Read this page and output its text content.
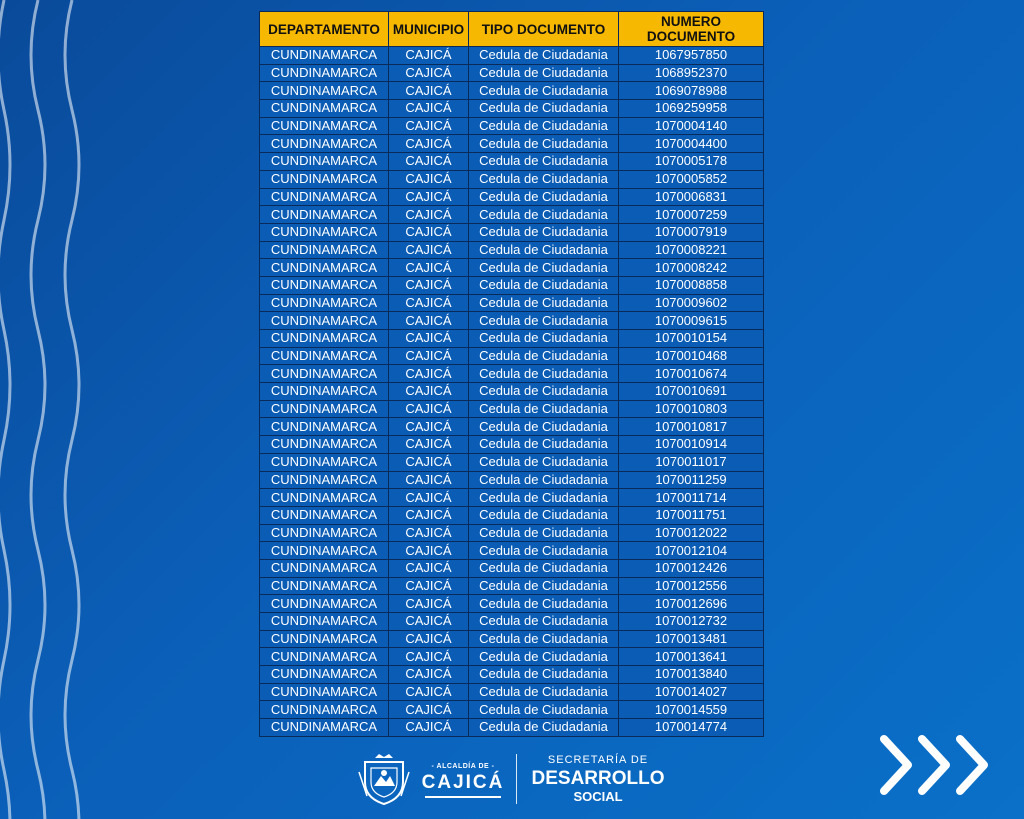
DEPARTAMENTO	MUNICIPIO	TIPO DOCUMENTO	NUMERO DOCUMENTO
CUNDINAMARCA	CAJICÁ	Cedula de Ciudadania	1067957850
CUNDINAMARCA	CAJICÁ	Cedula de Ciudadania	1068952370
CUNDINAMARCA	CAJICÁ	Cedula de Ciudadania	1069078988
CUNDINAMARCA	CAJICÁ	Cedula de Ciudadania	1069259958
CUNDINAMARCA	CAJICÁ	Cedula de Ciudadania	1070004140
CUNDINAMARCA	CAJICÁ	Cedula de Ciudadania	1070004400
CUNDINAMARCA	CAJICÁ	Cedula de Ciudadania	1070005178
CUNDINAMARCA	CAJICÁ	Cedula de Ciudadania	1070005852
CUNDINAMARCA	CAJICÁ	Cedula de Ciudadania	1070006831
CUNDINAMARCA	CAJICÁ	Cedula de Ciudadania	1070007259
CUNDINAMARCA	CAJICÁ	Cedula de Ciudadania	1070007919
CUNDINAMARCA	CAJICÁ	Cedula de Ciudadania	1070008221
CUNDINAMARCA	CAJICÁ	Cedula de Ciudadania	1070008242
CUNDINAMARCA	CAJICÁ	Cedula de Ciudadania	1070008858
CUNDINAMARCA	CAJICÁ	Cedula de Ciudadania	1070009602
CUNDINAMARCA	CAJICÁ	Cedula de Ciudadania	1070009615
CUNDINAMARCA	CAJICÁ	Cedula de Ciudadania	1070010154
CUNDINAMARCA	CAJICÁ	Cedula de Ciudadania	1070010468
CUNDINAMARCA	CAJICÁ	Cedula de Ciudadania	1070010674
CUNDINAMARCA	CAJICÁ	Cedula de Ciudadania	1070010691
CUNDINAMARCA	CAJICÁ	Cedula de Ciudadania	1070010803
CUNDINAMARCA	CAJICÁ	Cedula de Ciudadania	1070010817
CUNDINAMARCA	CAJICÁ	Cedula de Ciudadania	1070010914
CUNDINAMARCA	CAJICÁ	Cedula de Ciudadania	1070011017
CUNDINAMARCA	CAJICÁ	Cedula de Ciudadania	1070011259
CUNDINAMARCA	CAJICÁ	Cedula de Ciudadania	1070011714
CUNDINAMARCA	CAJICÁ	Cedula de Ciudadania	1070011751
CUNDINAMARCA	CAJICÁ	Cedula de Ciudadania	1070012022
CUNDINAMARCA	CAJICÁ	Cedula de Ciudadania	1070012104
CUNDINAMARCA	CAJICÁ	Cedula de Ciudadania	1070012426
CUNDINAMARCA	CAJICÁ	Cedula de Ciudadania	1070012556
CUNDINAMARCA	CAJICÁ	Cedula de Ciudadania	1070012696
CUNDINAMARCA	CAJICÁ	Cedula de Ciudadania	1070012732
CUNDINAMARCA	CAJICÁ	Cedula de Ciudadania	1070013481
CUNDINAMARCA	CAJICÁ	Cedula de Ciudadania	1070013641
CUNDINAMARCA	CAJICÁ	Cedula de Ciudadania	1070013840
CUNDINAMARCA	CAJICÁ	Cedula de Ciudadania	1070014027
CUNDINAMARCA	CAJICÁ	Cedula de Ciudadania	1070014559
CUNDINAMARCA	CAJICÁ	Cedula de Ciudadania	1070014774
- ALCALDÍA DE -
CAJICÁ
SECRETARÍA DE
DESARROLLO
SOCIAL
